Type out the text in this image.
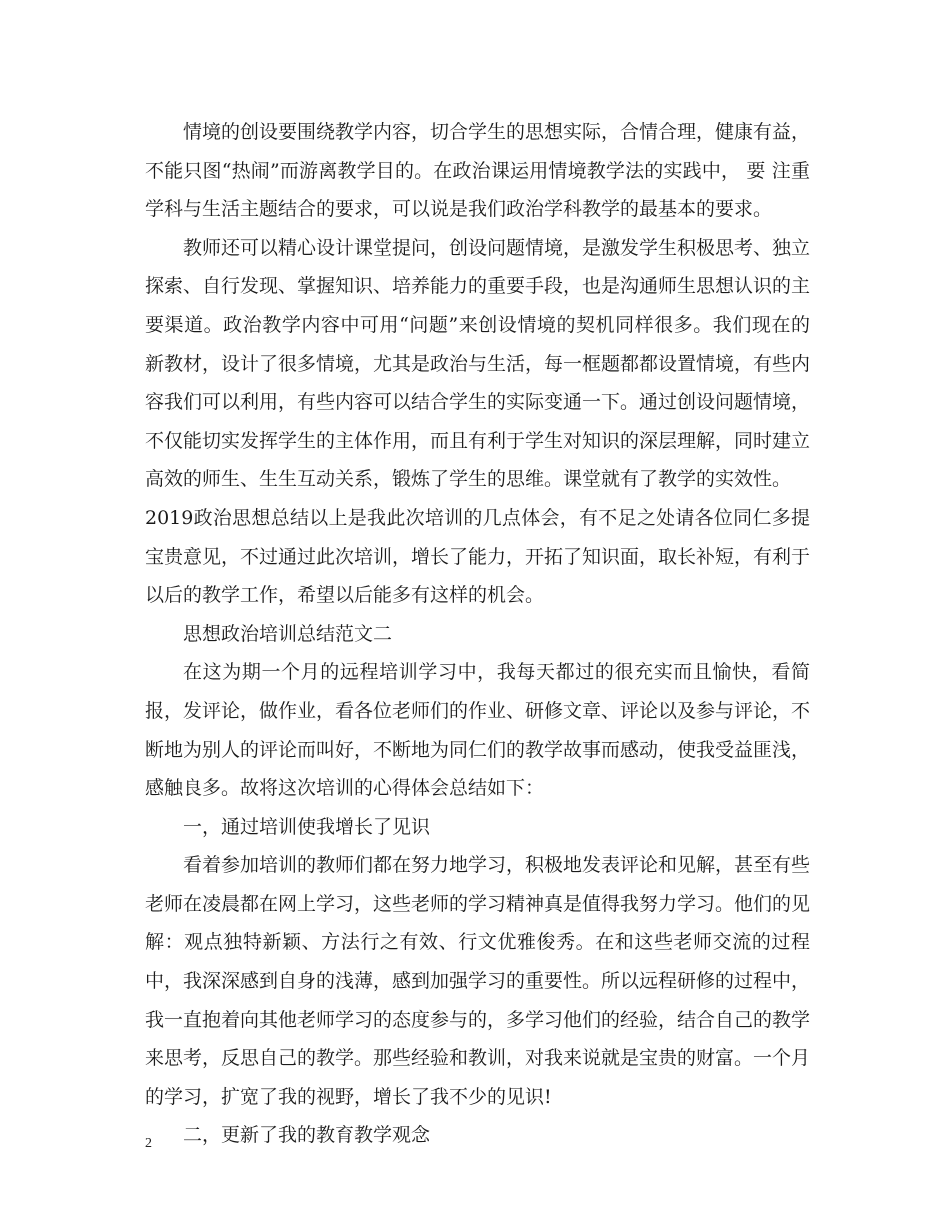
情境的创设要围绕教学内容，切合学生的思想实际，合情合理，健康有益，不能只图“热闹”而游离教学目的。在政治课运用情境教学法的实践中， 要 注重学科与生活主题结合的要求，可以说是我们政治学科教学的最基本的要求。

教师还可以精心设计课堂提问，创设问题情境，是激发学生积极思考、独立探索、自行发现、掌握知识、培养能力的重要手段，也是沟通师生思想认识的主要渠道。政治教学内容中可用“问题”来创设情境的契机同样很多。我们现在的新教材，设计了很多情境，尤其是政治与生活，每一框题都都设置情境，有些内容我们可以利用，有些内容可以结合学生的实际变通一下。通过创设问题情境，不仅能切实发挥学生的主体作用，而且有利于学生对知识的深层理解，同时建立高效的师生、生生互动关系，锻炼了学生的思维。课堂就有了教学的实效性。

2019政治思想总结以上是我此次培训的几点体会，有不足之处请各位同仁多提宝贵意见，不过通过此次培训，增长了能力，开拓了知识面，取长补短，有利于以后的教学工作，希望以后能多有这样的机会。

思想政治培训总结范文二

在这为期一个月的远程培训学习中，我每天都过的很充实而且愉快，看简报，发评论，做作业，看各位老师们的作业、研修文章、评论以及参与评论，不断地为别人的评论而叫好，不断地为同仁们的教学故事而感动，使我受益匪浅，感触良多。故将这次培训的心得体会总结如下：

一，通过培训使我增长了见识

看着参加培训的教师们都在努力地学习，积极地发表评论和见解，甚至有些老师在凌晨都在网上学习，这些老师的学习精神真是值得我努力学习。他们的见解：观点独特新颖、方法行之有效、行文优雅俊秀。在和这些老师交流的过程中，我深深感到自身的浅薄，感到加强学习的重要性。所以远程研修的过程中，我一直抱着向其他老师学习的态度参与的，多学习他们的经验，结合自己的教学来思考，反思自己的教学。那些经验和教训，对我来说就是宝贵的财富。一个月的学习，扩宽了我的视野，增长了我不少的见识!

二，更新了我的教育教学观念

2
